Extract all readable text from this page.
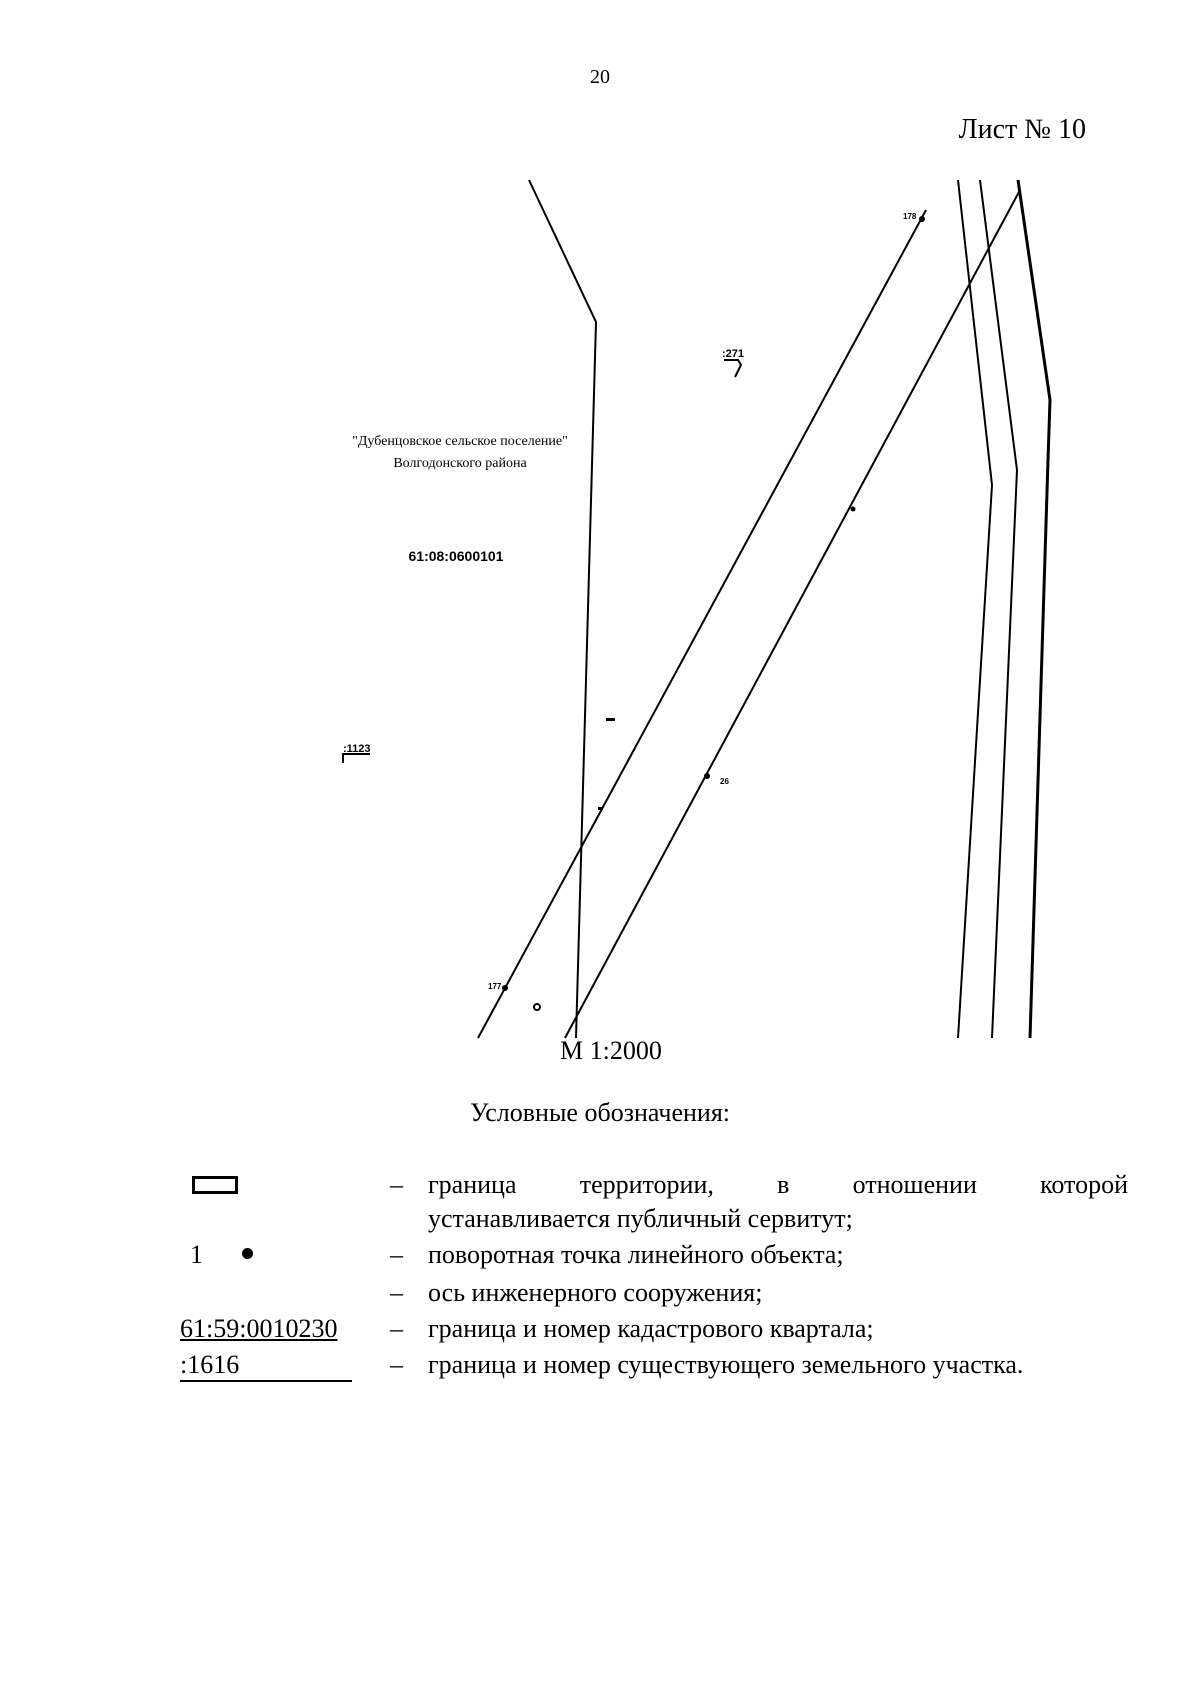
20
Лист № 10
"Дубенцовское сельское поселение"
Волгодонского района
61:08:0600101
:271
:1123
178
177
26
М 1:2000
Условные обозначения:
– граница территории, в отношении которой
устанавливается публичный сервитут;
1	– поворотная точка линейного объекта;
– ось инженерного сооружения;
61:59:0010230 – граница и номер кадастрового квартала;
:1616	– граница и номер существующего земельного участка.
